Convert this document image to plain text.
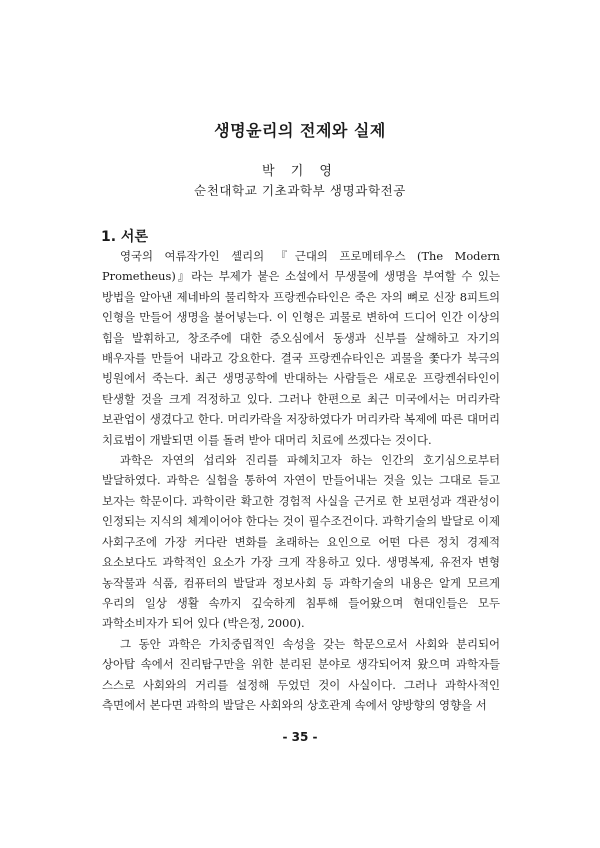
생명윤리의 전제와 실제
박 기 영
순천대학교 기초과학부 생명과학전공
1. 서론

영국의 여류작가인 셸리의 『근대의 프로메테우스 (The Modern Prometheus)』라는 부제가 붙은 소설에서 무생물에 생명을 부여할 수 있는 방법을 알아낸 제네바의 물리학자 프랑켄슈타인은 죽은 자의 뼈로 신장 8피트의 인형을 만들어 생명을 불어넣는다. 이 인형은 괴물로 변하여 드디어 인간 이상의 힘을 발휘하고, 창조주에 대한 증오심에서 동생과 신부를 살해하고 자기의 배우자를 만들어 내라고 강요한다. 결국 프랑켄슈타인은 괴물을 쫓다가 북극의 빙원에서 죽는다. 최근 생명공학에 반대하는 사람들은 새로운 프랑켄쉬타인이 탄생할 것을 크게 걱정하고 있다. 그러나 한편으로 최근 미국에서는 머리카락 보관업이 생겼다고 한다. 머리카락을 저장하였다가 머리카락 복제에 따른 대머리 치료법이 개발되면 이를 돌려 받아 대머리 치료에 쓰겠다는 것이다.

과학은 자연의 섭리와 진리를 파헤치고자 하는 인간의 호기심으로부터 발달하였다. 과학은 실험을 통하여 자연이 만들어내는 것을 있는 그대로 듣고 보자는 학문이다. 과학이란 확고한 경험적 사실을 근거로 한 보편성과 객관성이 인정되는 지식의 체계이어야 한다는 것이 필수조건이다. 과학기술의 발달로 이제 사회구조에 가장 커다란 변화를 초래하는 요인으로 어떤 다른 정치 경제적 요소보다도 과학적인 요소가 가장 크게 작용하고 있다. 생명복제, 유전자 변형 농작물과 식품, 컴퓨터의 발달과 정보사회 등 과학기술의 내용은 알게 모르게 우리의 일상 생활 속까지 깊숙하게 침투해 들어왔으며 현대인들은 모두 과학소비자가 되어 있다 (박은정, 2000).

그 동안 과학은 가치중립적인 속성을 갖는 학문으로서 사회와 분리되어 상아탑 속에서 진리탐구만을 위한 분리된 분야로 생각되어져 왔으며 과학자들 스스로 사회와의 거리를 설정해 두었던 것이 사실이다. 그러나 과학사적인 측면에서 본다면 과학의 발달은 사회와의 상호관계 속에서 양방향의 영향을 서

- 35 -
